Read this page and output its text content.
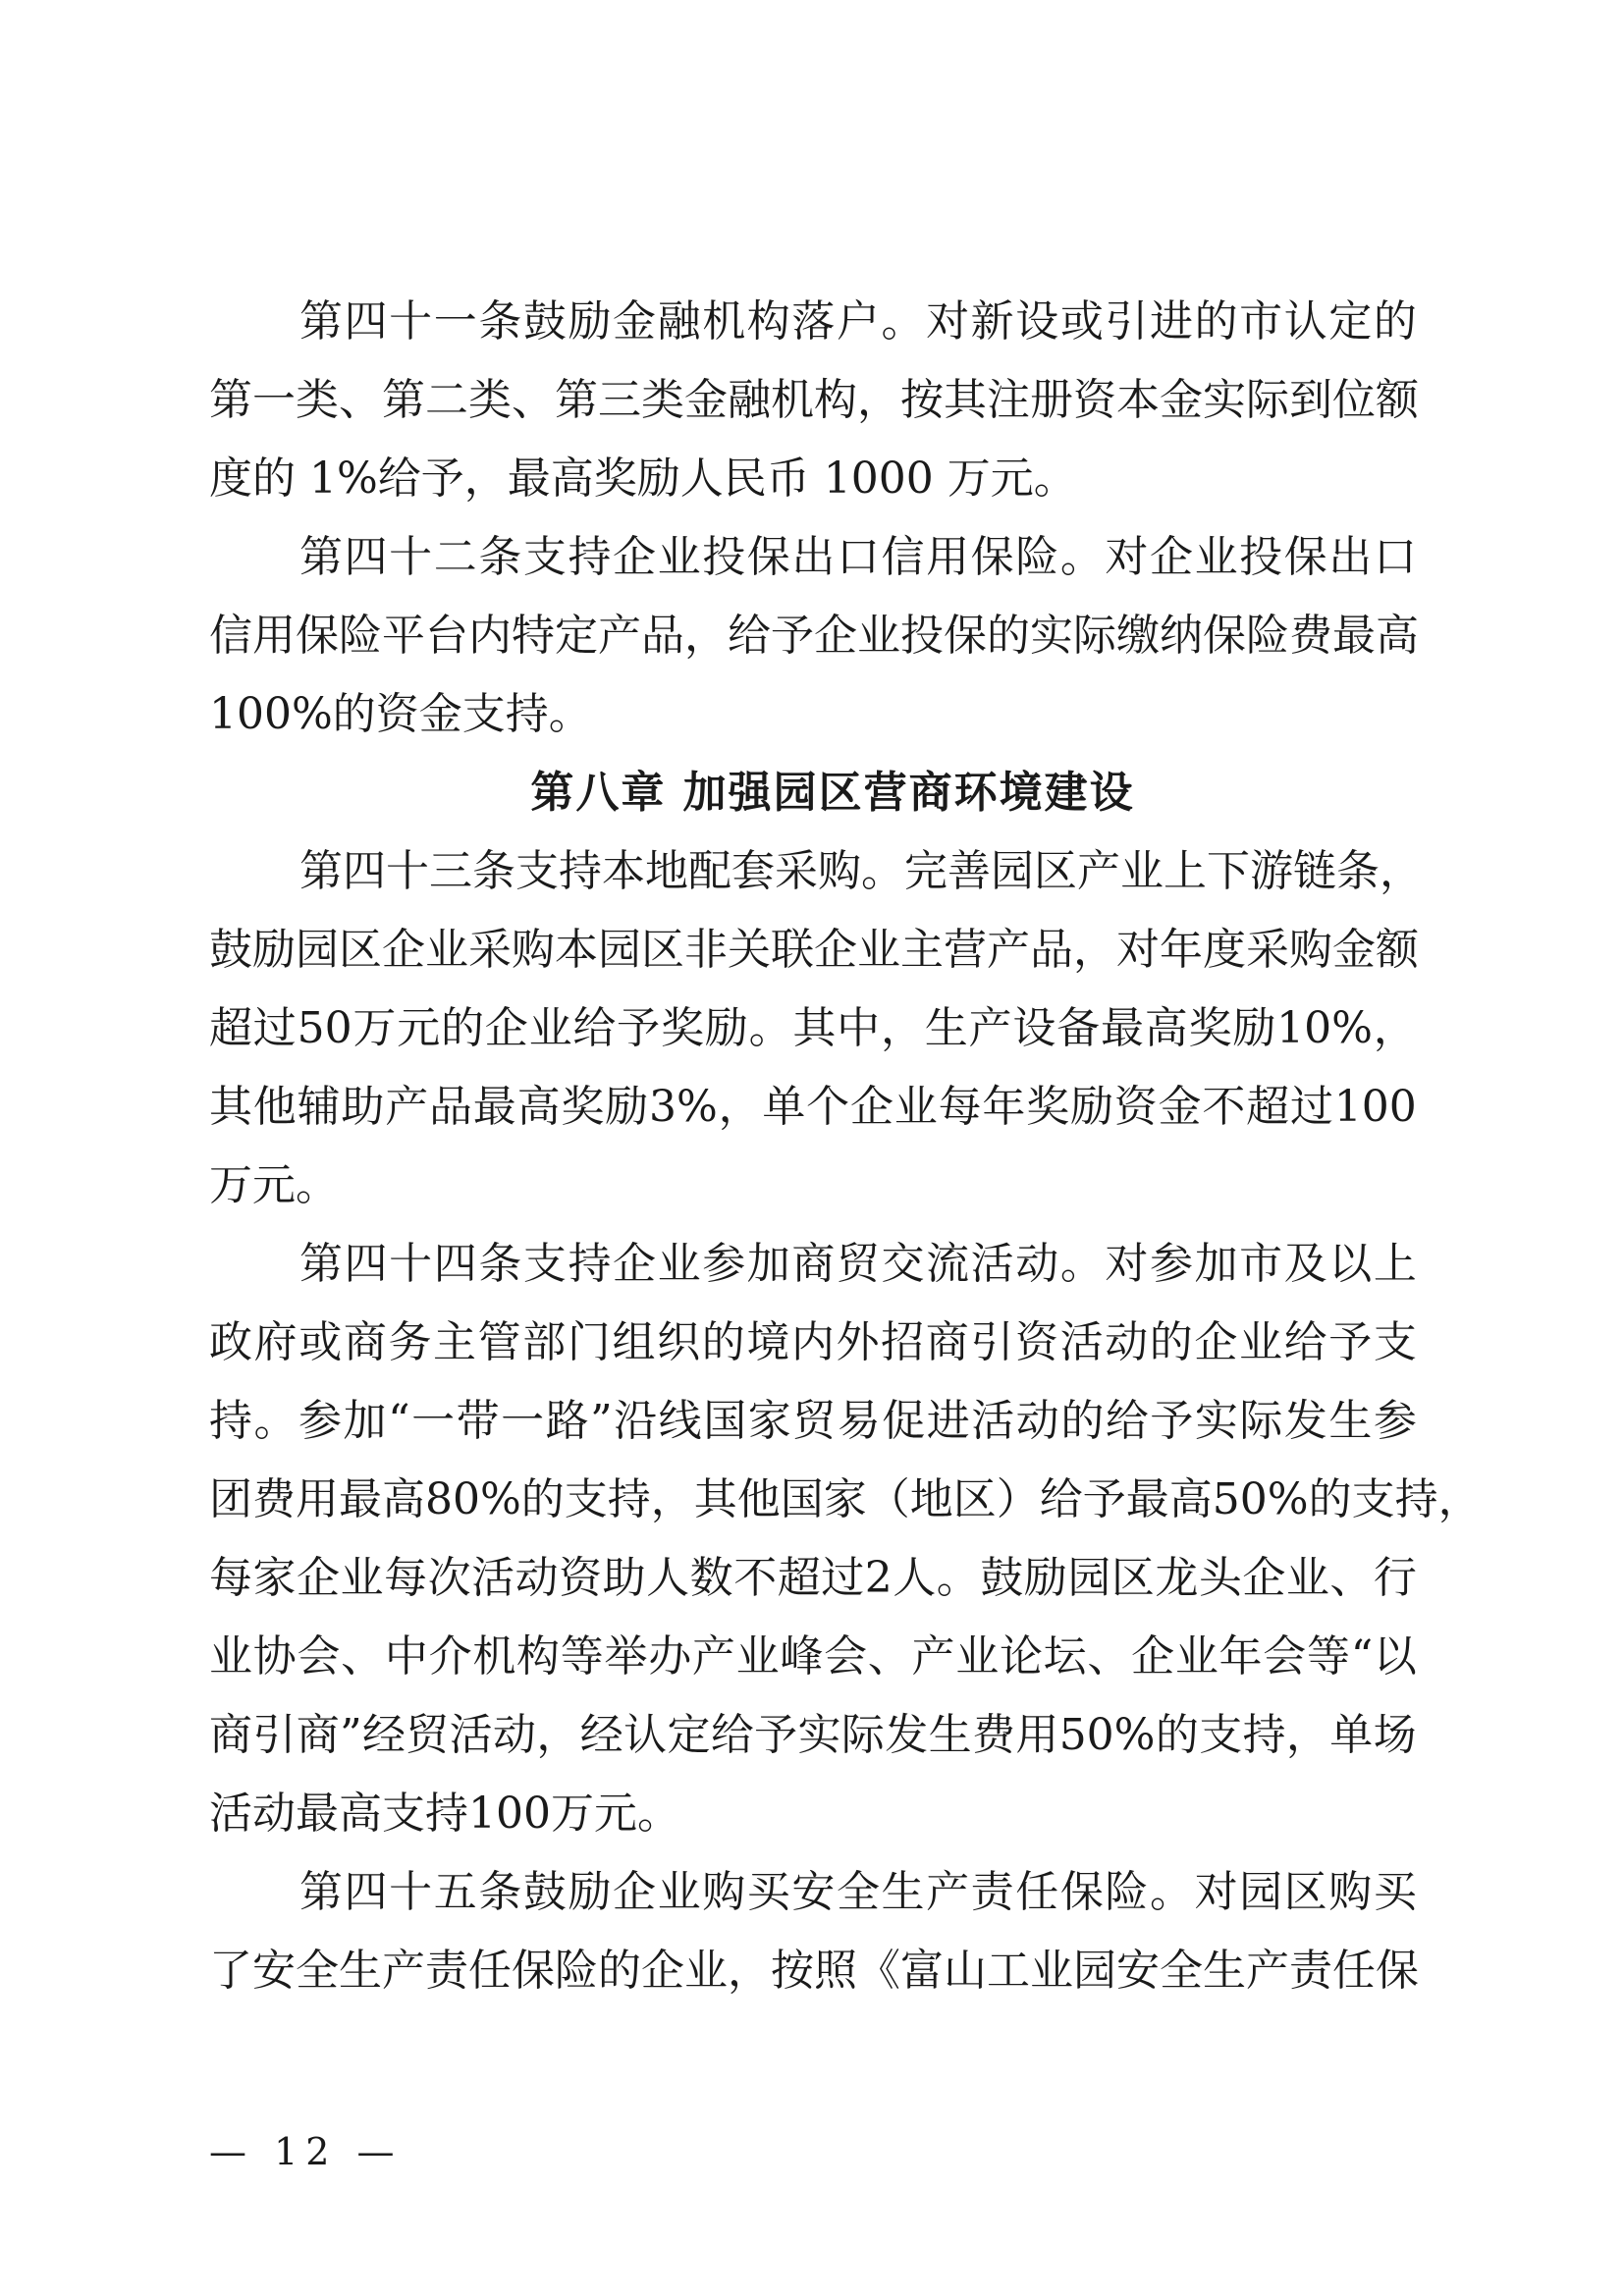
第 四 十 一 条 鼓 励 金 融 机 构 落 户 。 对 新 设 或 引 进 的 市 认 定 的
第 一 类 、 第 二 类 、 第 三 类 金 融 机 构 ， 按 其 注 册 资 本 金 实 际 到 位 额
度的 1%给予，最高奖励人民币 1000 万元。
第 四 十 二 条 支 持 企 业 投 保 出 口 信 用 保 险 。 对 企 业 投 保 出 口
信 用 保 险 平 台 内 特 定 产 品 ， 给 予 企 业 投 保 的 实 际 缴 纳 保 险 费 最 高
100%的资金支持。
第八章 加强园区营商环境建设
第 四 十 三 条 支 持 本 地 配 套 采 购 。 完 善 园 区 产 业 上 下 游 链 条 ，
鼓 励 园 区 企 业 采 购 本 园 区 非 关 联 企 业 主 营 产 品 ， 对 年 度 采 购 金 额
超 过 50 万 元 的 企 业 给 予 奖 励 。 其 中 ， 生 产 设 备 最 高 奖 励 10% ，
其 他 辅 助 产 品 最 高 奖 励 3% ， 单 个 企 业 每 年 奖 励 资 金 不 超 过 100
万元。
第 四 十 四 条 支 持 企 业 参 加 商 贸 交 流 活 动 。 对 参 加 市 及 以 上
政 府 或 商 务 主 管 部 门 组 织 的 境 内 外 招 商 引 资 活 动 的 企 业 给 予 支
持 。 参 加 “ 一 带 一 路 ” 沿 线 国 家 贸 易 促 进 活 动 的 给 予 实 际 发 生 参
团 费 用 最 高 80% 的 支 持 ， 其 他 国 家 （ 地 区 ） 给 予 最 高 50% 的 支 持 ，
每 家 企 业 每 次 活 动 资 助 人 数 不 超 过 2 人 。 鼓 励 园 区 龙 头 企 业 、 行
业 协 会 、 中 介 机 构 等 举 办 产 业 峰 会 、 产 业 论 坛 、 企 业 年 会 等 “ 以
商 引 商 ” 经 贸 活 动 ， 经 认 定 给 予 实 际 发 生 费 用 50% 的 支 持 ， 单 场
活动最高支持100万元。
第 四 十 五 条 鼓 励 企 业 购 买 安 全 生 产 责 任 保 险 。 对 园 区 购 买
了安全生产责任保险的企业，按照《富山工业园安全生产责任保
— 12 —
